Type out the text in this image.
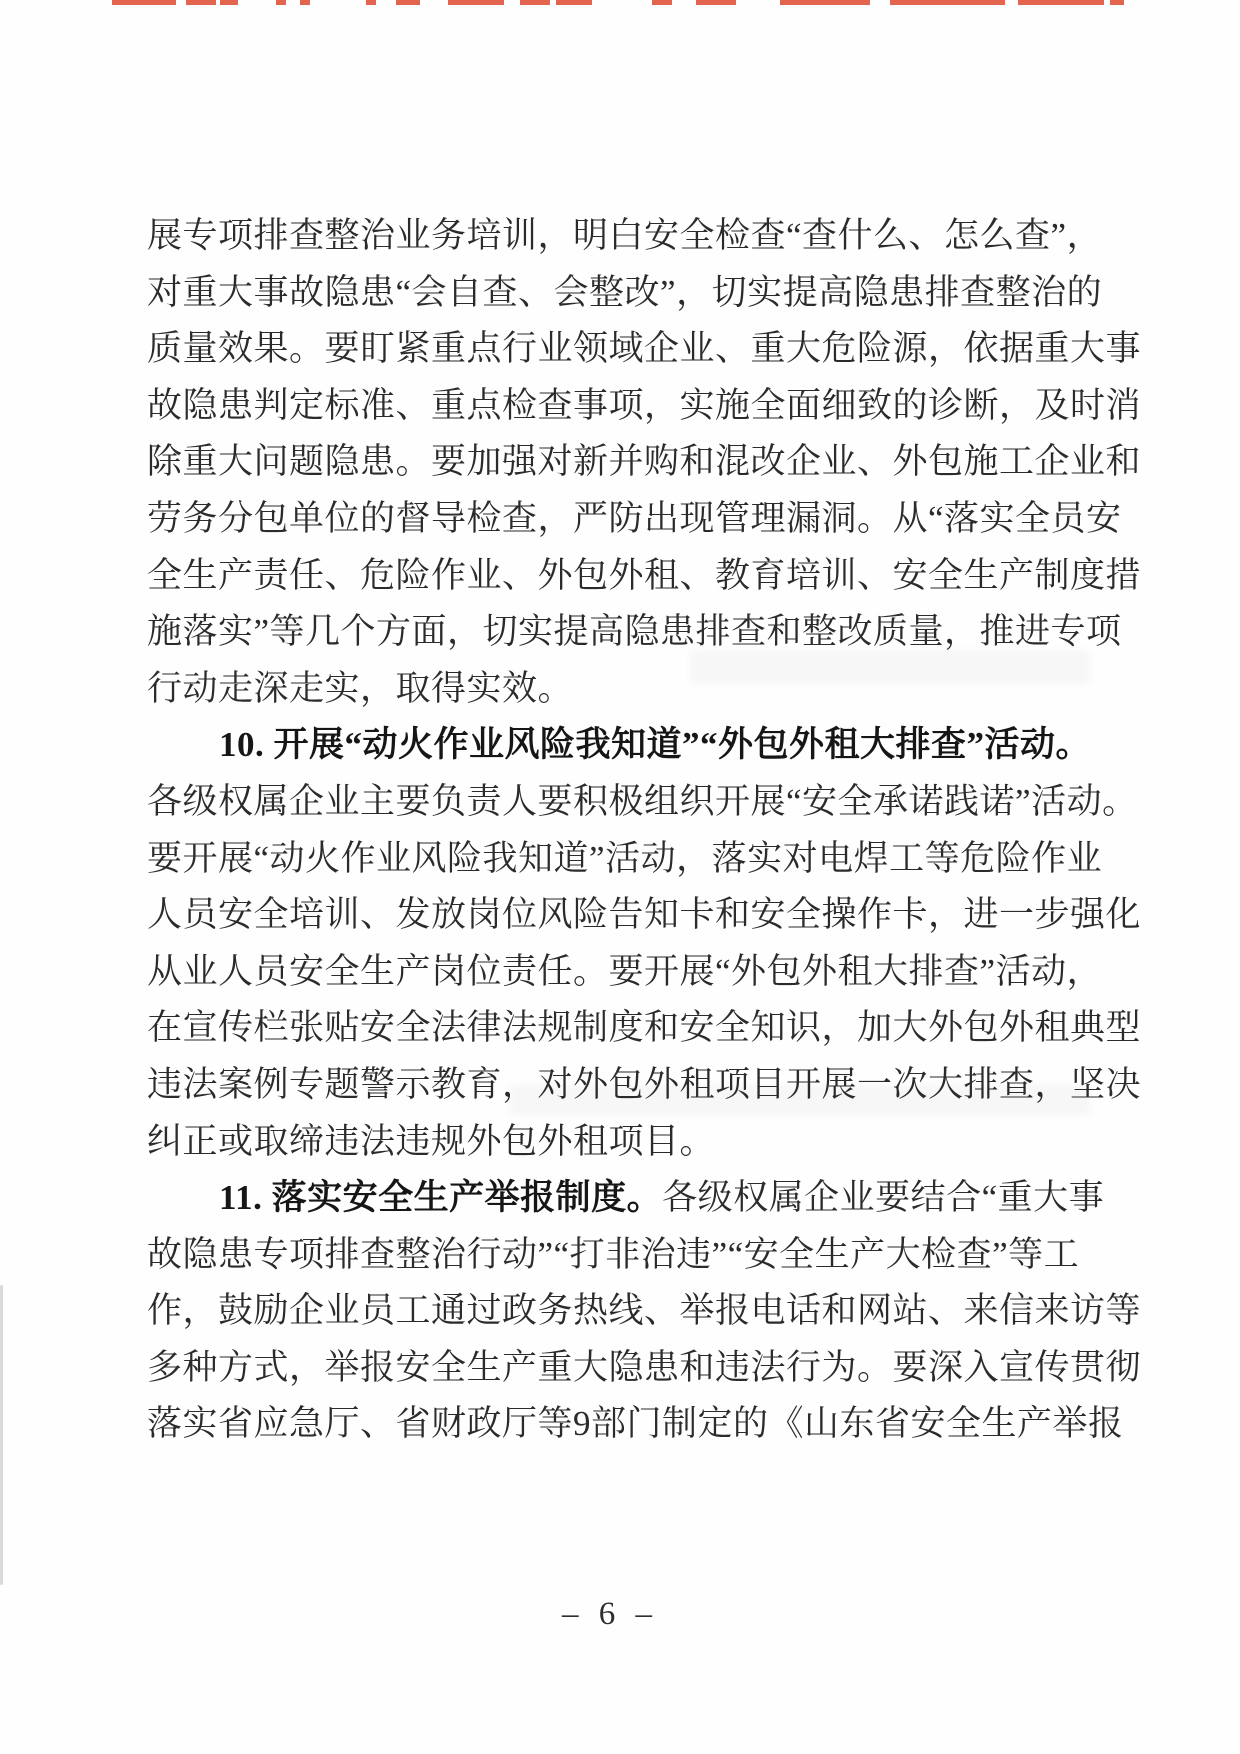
展专项排查整治业务培训，明白安全检查“查什么、怎么查”，
对重大事故隐患“会自查、会整改”，切实提高隐患排查整治的
质量效果。要盯紧重点行业领域企业、重大危险源，依据重大事
故隐患判定标准、重点检查事项，实施全面细致的诊断，及时消
除重大问题隐患。要加强对新并购和混改企业、外包施工企业和
劳务分包单位的督导检查，严防出现管理漏洞。从“落实全员安
全生产责任、危险作业、外包外租、教育培训、安全生产制度措
施落实”等几个方面，切实提高隐患排查和整改质量，推进专项
行动走深走实，取得实效。
10. 开展“动火作业风险我知道”“外包外租大排查”活动。
各级权属企业主要负责人要积极组织开展“安全承诺践诺”活动。
要开展“动火作业风险我知道”活动，落实对电焊工等危险作业
人员安全培训、发放岗位风险告知卡和安全操作卡，进一步强化
从业人员安全生产岗位责任。要开展“外包外租大排查”活动，
在宣传栏张贴安全法律法规制度和安全知识，加大外包外租典型
违法案例专题警示教育，对外包外租项目开展一次大排查，坚决
纠正或取缔违法违规外包外租项目。
11. 落实安全生产举报制度。各级权属企业要结合“重大事
故隐患专项排查整治行动”“打非治违”“安全生产大检查”等工
作，鼓励企业员工通过政务热线、举报电话和网站、来信来访等
多种方式，举报安全生产重大隐患和违法行为。要深入宣传贯彻
落实省应急厅、省财政厅等9部门制定的《山东省安全生产举报
– 6 –
